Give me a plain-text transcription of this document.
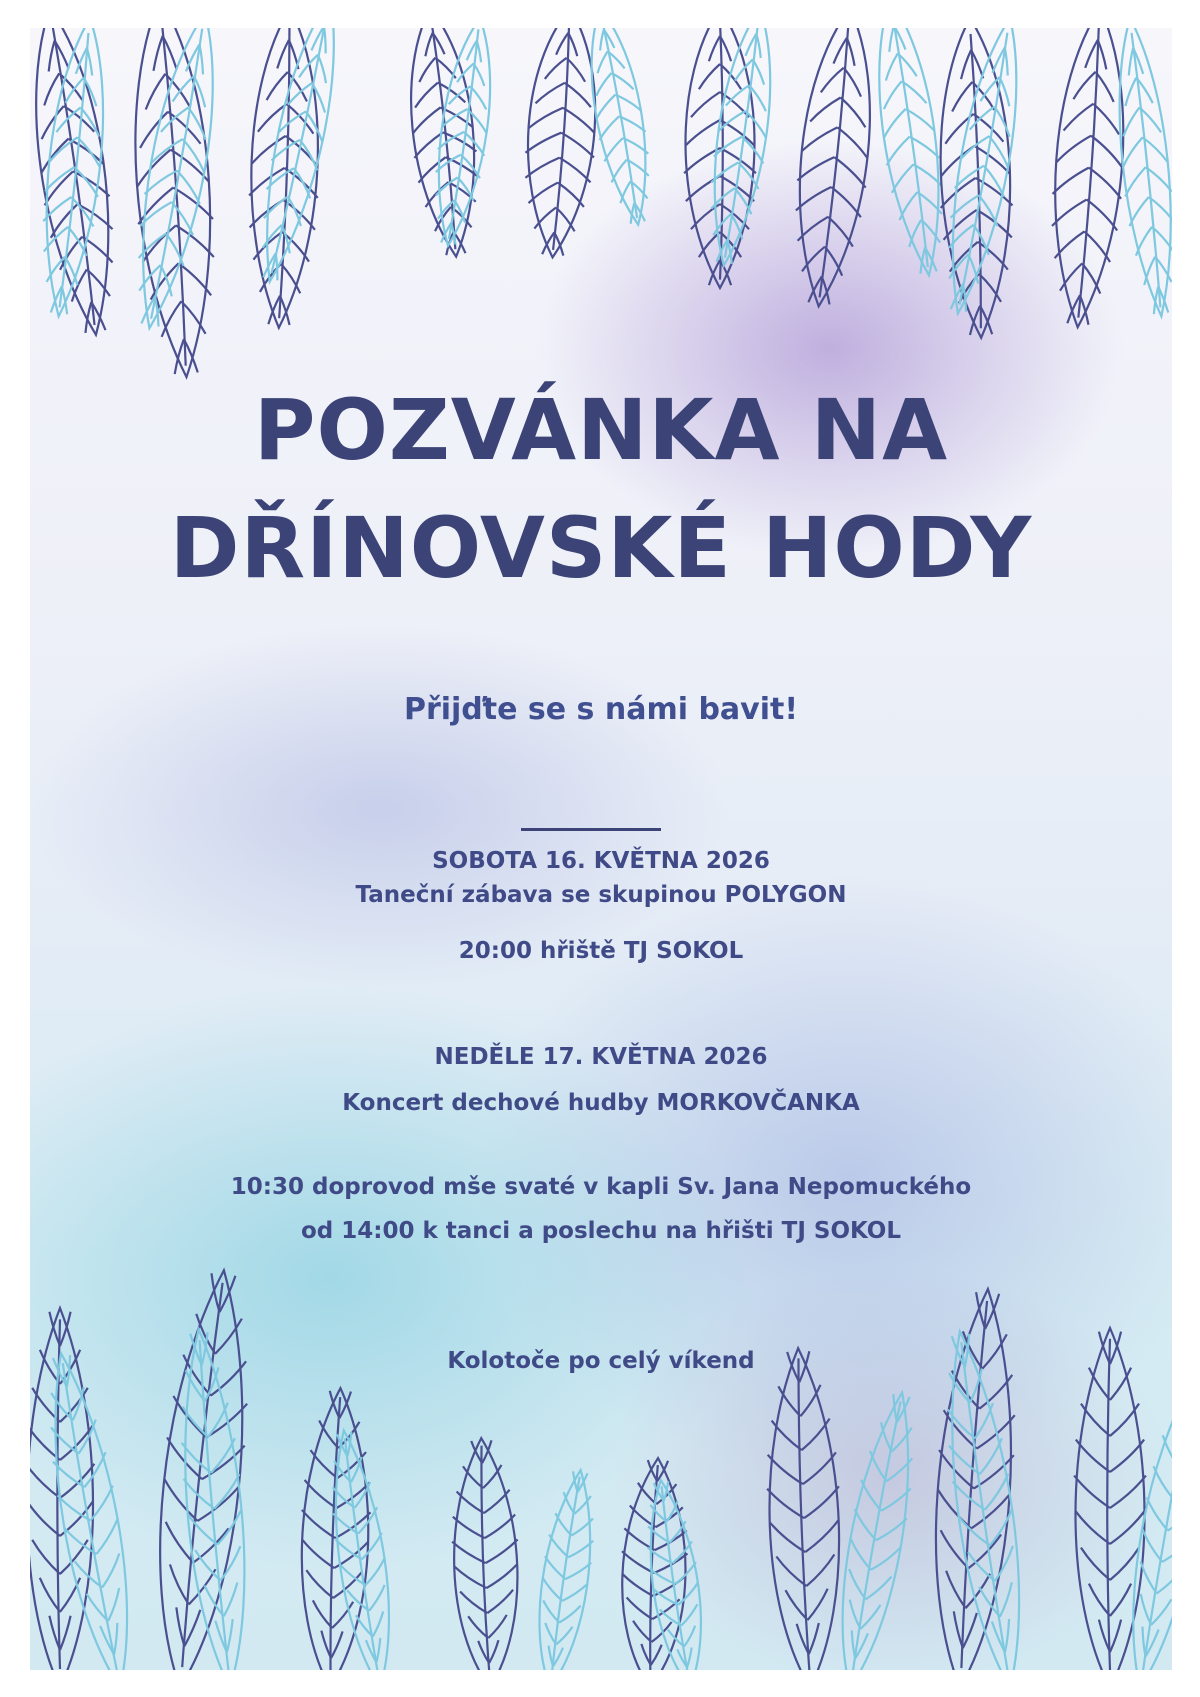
POZVÁNKA NA
DŘÍNOVSKÉ HODY
Přijďte se s námi bavit!
SOBOTA 16. KVĚTNA 2026
Taneční zábava se skupinou POLYGON
20:00 hřiště TJ SOKOL
NEDĚLE 17. KVĚTNA 2026
Koncert dechové hudby MORKOVČANKA
10:30 doprovod mše svaté v kapli Sv. Jana Nepomuckého
od 14:00 k tanci a poslechu na hřišti TJ SOKOL
Kolotoče po celý víkend
